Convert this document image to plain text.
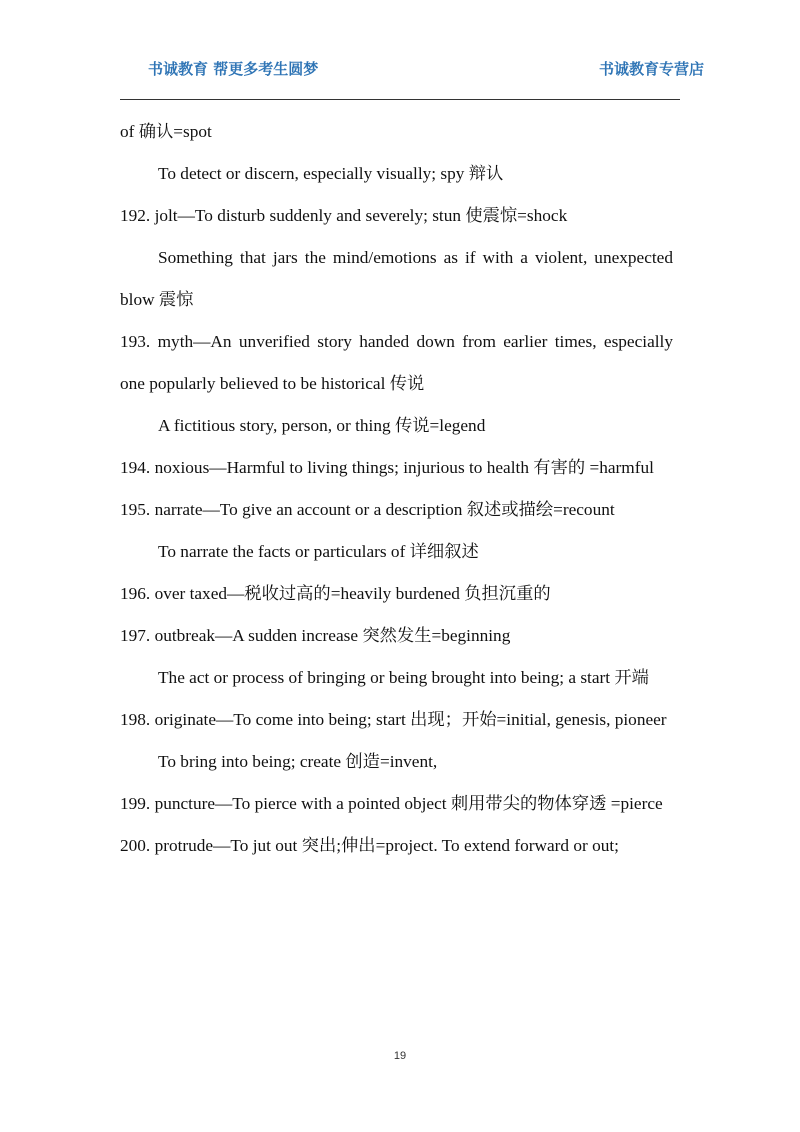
书诚教育 帮更多考生圆梦	书诚教育专营店

of 确认=spot

To detect or discern, especially visually; spy 辩认

192. jolt—To disturb suddenly and severely; stun 使震惊=shock

Something that jars the mind/emotions as if with a violent, unexpected blow 震惊

193. myth—An unverified story handed down from earlier times, especially one popularly believed to be historical 传说

A fictitious story, person, or thing 传说=legend

194. noxious—Harmful to living things; injurious to health 有害的 =harmful

195. narrate—To give an account or a description 叙述或描绘=recount

To narrate the facts or particulars of 详细叙述

196. over taxed—税收过高的=heavily burdened 负担沉重的

197. outbreak—A sudden increase 突然发生=beginning

The act or process of bringing or being brought into being; a start 开端

198. originate—To come into being; start 出现；开始=initial, genesis, pioneer

To bring into being; create 创造=invent,

199. puncture—To pierce with a pointed object 刺用带尖的物体穿透 =pierce

200. protrude—To jut out 突出;伸出=project. To extend forward or out;

19
